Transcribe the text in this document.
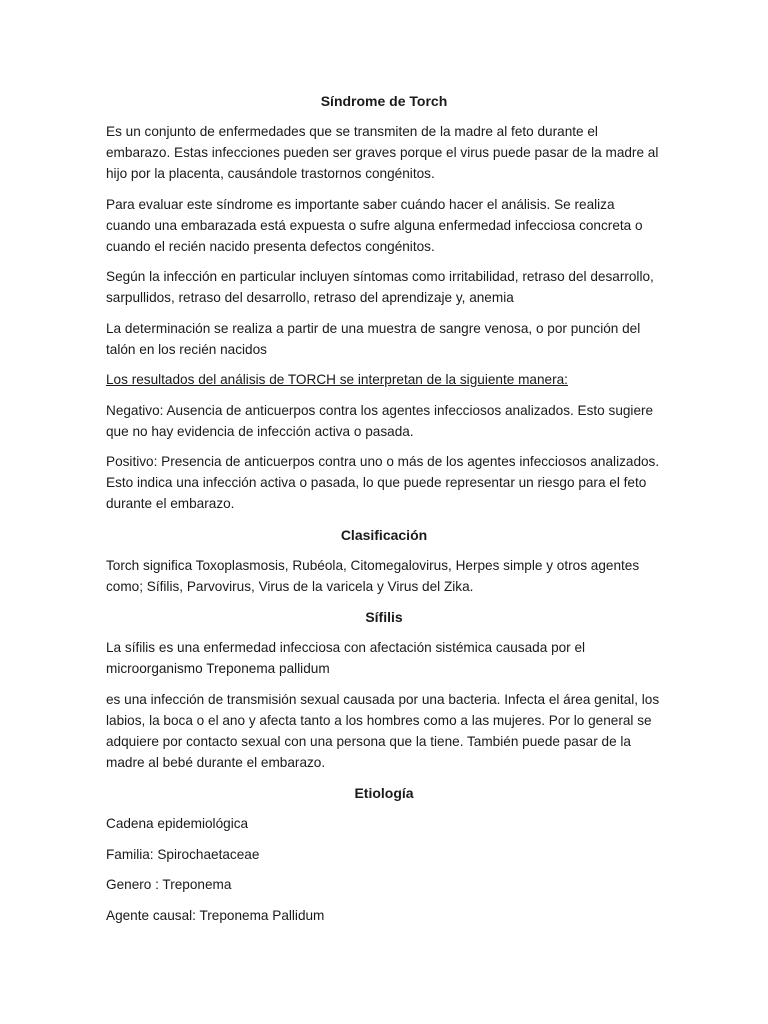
Síndrome de Torch
Es un conjunto de enfermedades que se transmiten de la madre al feto durante el embarazo. Estas infecciones pueden ser graves porque el virus puede pasar de la madre al hijo por la placenta, causándole trastornos congénitos.
Para evaluar este síndrome es importante saber cuándo hacer el análisis. Se realiza cuando una embarazada está expuesta o sufre alguna enfermedad infecciosa concreta o cuando el recién nacido presenta defectos congénitos.
Según la infección en particular incluyen síntomas como irritabilidad, retraso del desarrollo, sarpullidos, retraso del desarrollo, retraso del aprendizaje y, anemia
La determinación se realiza a partir de una muestra de sangre venosa, o por punción del talón en los recién nacidos
Los resultados del análisis de TORCH se interpretan de la siguiente manera:
Negativo: Ausencia de anticuerpos contra los agentes infecciosos analizados. Esto sugiere que no hay evidencia de infección activa o pasada.
Positivo: Presencia de anticuerpos contra uno o más de los agentes infecciosos analizados. Esto indica una infección activa o pasada, lo que puede representar un riesgo para el feto durante el embarazo.
Clasificación
Torch significa Toxoplasmosis, Rubéola, Citomegalovirus, Herpes simple y otros agentes como; Sífilis, Parvovirus, Virus de la varicela y Virus del Zika.
Sífilis
La sífilis es una enfermedad infecciosa con afectación sistémica causada por el microorganismo Treponema pallidum
es una infección de transmisión sexual causada por una bacteria. Infecta el área genital, los labios, la boca o el ano y afecta tanto a los hombres como a las mujeres. Por lo general se adquiere por contacto sexual con una persona que la tiene. También puede pasar de la madre al bebé durante el embarazo.
Etiología
Cadena epidemiológica
Familia: Spirochaetaceae
Genero : Treponema
Agente causal: Treponema Pallidum
